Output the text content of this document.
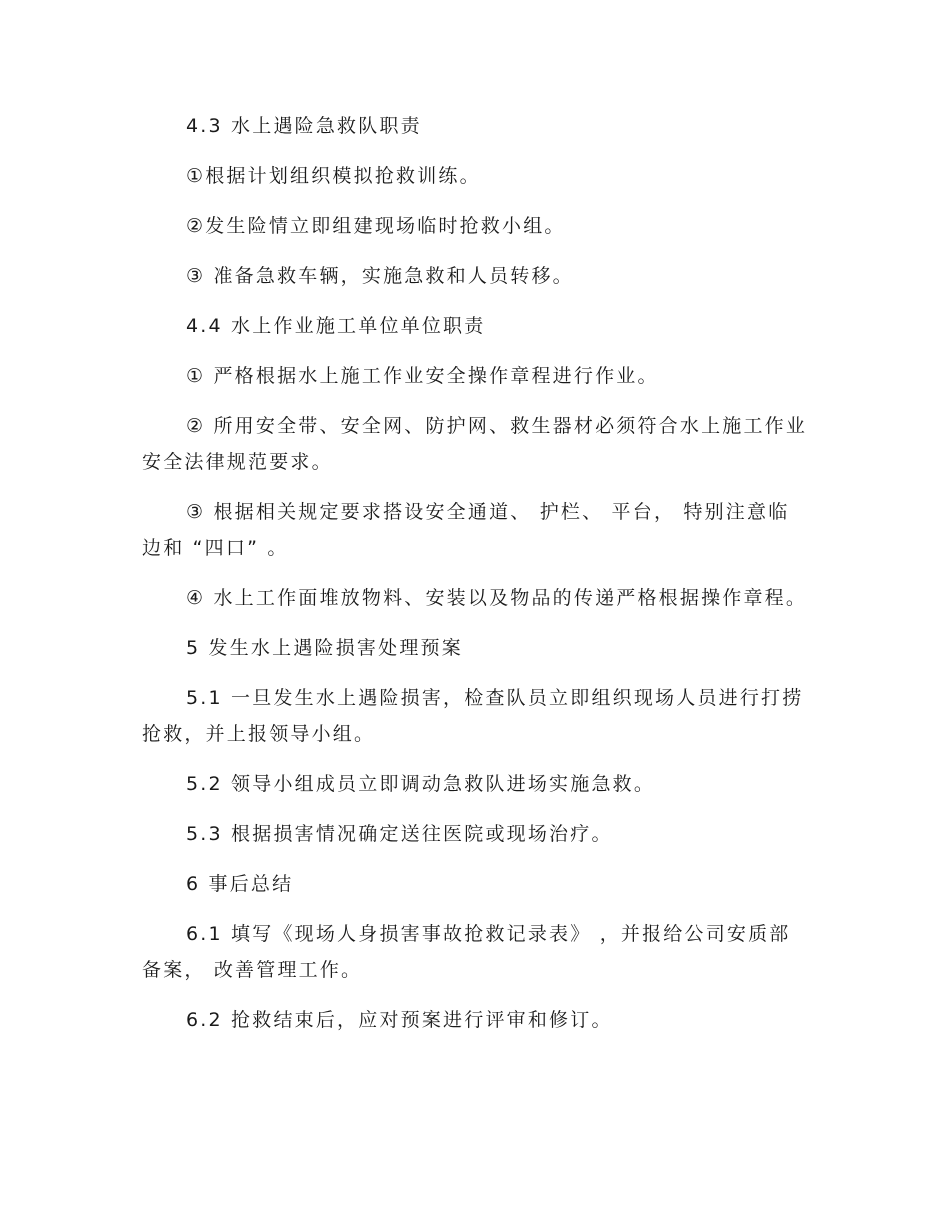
4.3 水上遇险急救队职责

①根据计划组织模拟抢救训练。

②发生险情立即组建现场临时抢救小组。

③ 准备急救车辆，实施急救和人员转移。

4.4 水上作业施工单位单位职责

① 严格根据水上施工作业安全操作章程进行作业。

② 所用安全带、安全网、防护网、救生器材必须符合水上施工作业 安全法律规范要求。

③ 根据相关规定要求搭设安全通道、 护栏、 平台， 特别注意临边和 “四口” 。

④ 水上工作面堆放物料、安装以及物品的传递严格根据操作章程。

5 发生水上遇险损害处理预案

5.1 一旦发生水上遇险损害，检查队员立即组织现场人员进行打捞 抢救，并上报领导小组。

5.2 领导小组成员立即调动急救队进场实施急救。

5.3 根据损害情况确定送往医院或现场治疗。

6 事后总结

6.1 填写《现场人身损害事故抢救记录表》 ，并报给公司安质部备案， 改善管理工作。

6.2 抢救结束后，应对预案进行评审和修订。
